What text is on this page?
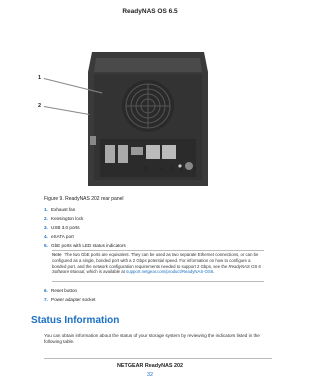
ReadyNAS OS 6.5
1
2
3 4 5 6 7
Figure 9. ReadyNAS 202 rear panel
1. Exhaust fan
2. Kensington lock
3. USB 3.0 ports
4. eSATA port
5. GbE ports with LED status indicators
Note The two GbE ports are equivalent. They can be used as two separate Ethernet connections, or can be configured as a single, bonded port with a 2 Gbps potential speed. For information on how to configure a bonded port, and the network configuration requirements needed to support 2 Gbps, see the ReadyNAS OS 6 Software Manual, which is available at support.netgear.com/product/ReadyNAS-OS6.
6. Reset button
7. Power adapter socket
Status Information
You can obtain information about the status of your storage system by reviewing the indicators listed in the following table.
NETGEAR ReadyNAS 202
32
